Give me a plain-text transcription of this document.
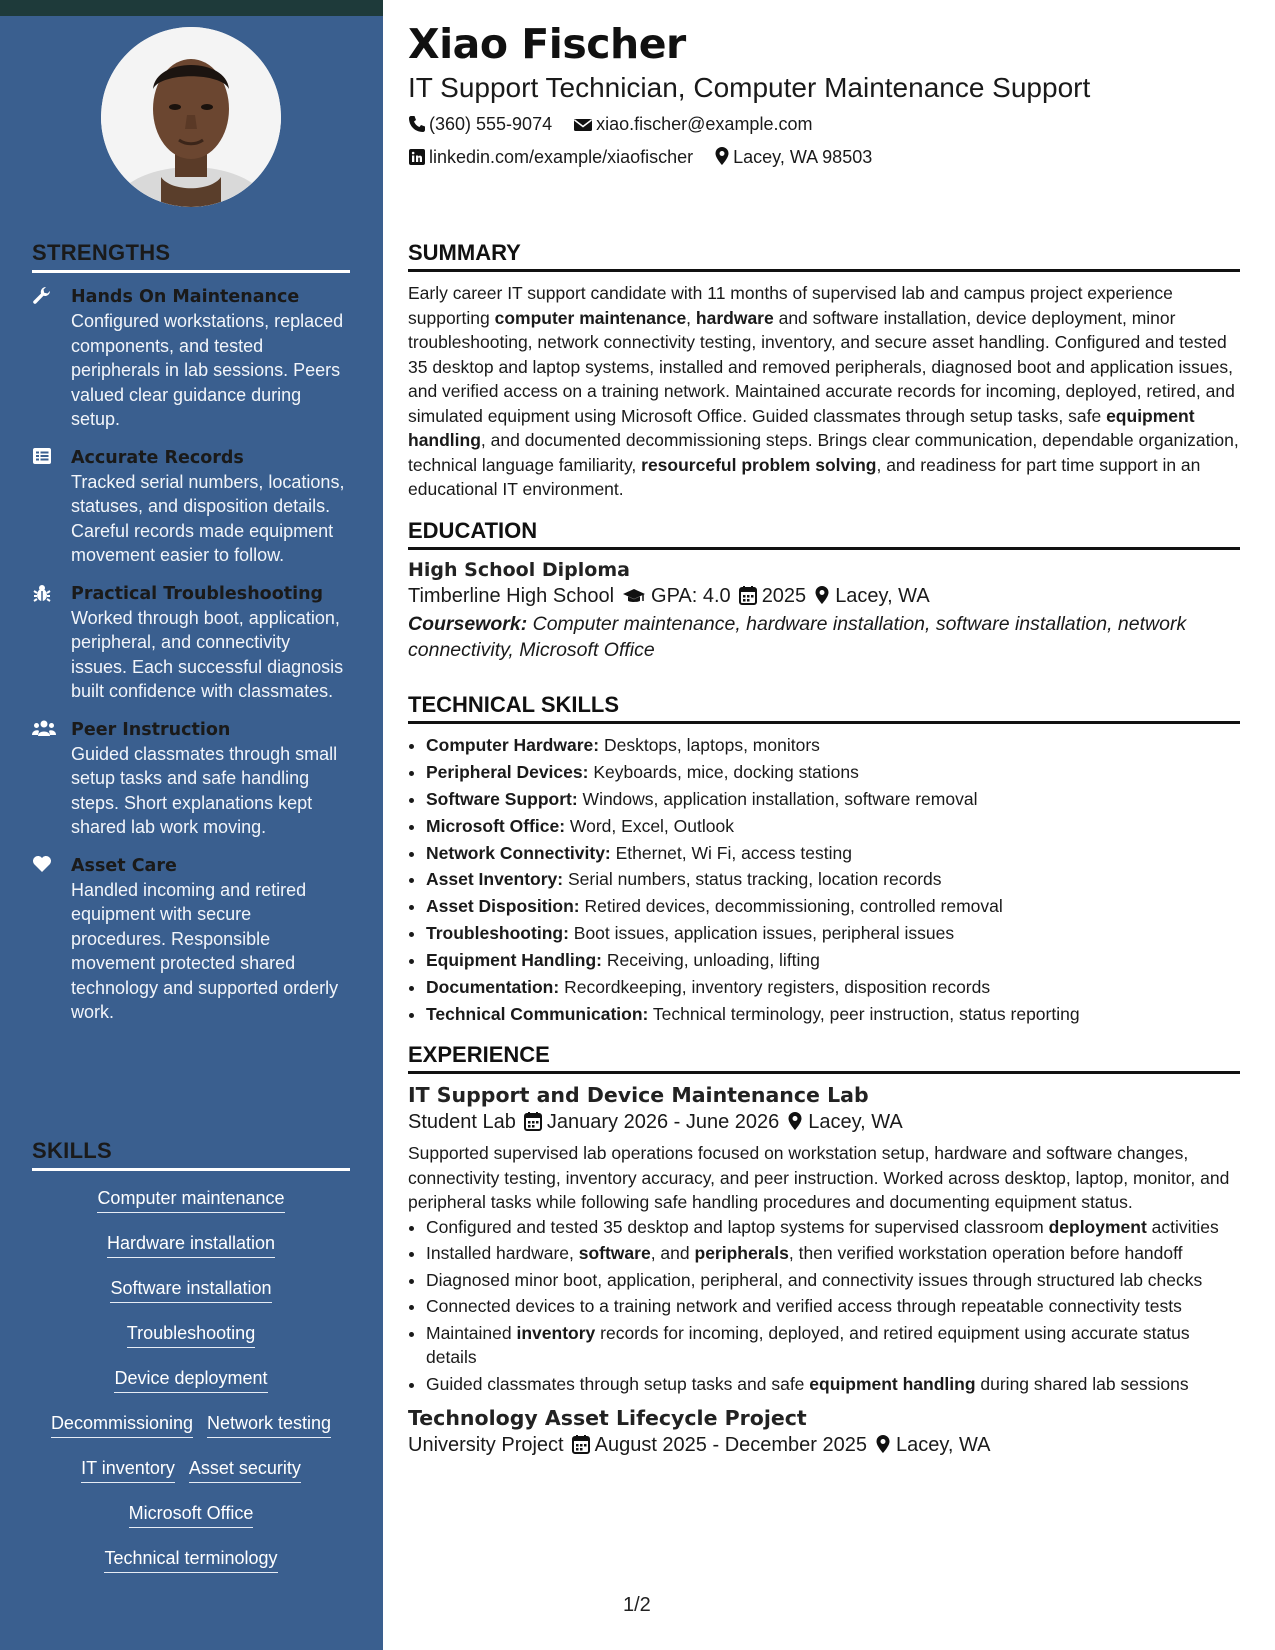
STRENGTHS
Hands On Maintenance
Configured workstations, replaced components, and tested peripherals in lab sessions. Peers valued clear guidance during setup.
Accurate Records
Tracked serial numbers, locations, statuses, and disposition details. Careful records made equipment movement easier to follow.
Practical Troubleshooting
Worked through boot, application, peripheral, and connectivity issues. Each successful diagnosis built confidence with classmates.
Peer Instruction
Guided classmates through small setup tasks and safe handling steps. Short explanations kept shared lab work moving.
Asset Care
Handled incoming and retired equipment with secure procedures. Responsible movement protected shared technology and supported orderly work.
SKILLS
Computer maintenance
Hardware installation
Software installation
Troubleshooting
Device deployment
Decommissioning Network testing
IT inventory Asset security
Microsoft Office
Technical terminology
Xiao Fischer
IT Support Technician, Computer Maintenance Support
(360) 555-9074 xiao.fischer@example.com
linkedin.com/example/xiaofischer Lacey, WA 98503
SUMMARY
Early career IT support candidate with 11 months of supervised lab and campus project experience supporting computer maintenance, hardware and software installation, device deployment, minor troubleshooting, network connectivity testing, inventory, and secure asset handling. Configured and tested 35 desktop and laptop systems, installed and removed peripherals, diagnosed boot and application issues, and verified access on a training network. Maintained accurate records for incoming, deployed, retired, and simulated equipment using Microsoft Office. Guided classmates through setup tasks, safe equipment handling, and documented decommissioning steps. Brings clear communication, dependable organization, technical language familiarity, resourceful problem solving, and readiness for part time support in an educational IT environment.
EDUCATION
High School Diploma
Timberline High School GPA: 4.0 2025 Lacey, WA
Coursework: Computer maintenance, hardware installation, software installation, network connectivity, Microsoft Office
TECHNICAL SKILLS
• Computer Hardware: Desktops, laptops, monitors
• Peripheral Devices: Keyboards, mice, docking stations
• Software Support: Windows, application installation, software removal
• Microsoft Office: Word, Excel, Outlook
• Network Connectivity: Ethernet, Wi Fi, access testing
• Asset Inventory: Serial numbers, status tracking, location records
• Asset Disposition: Retired devices, decommissioning, controlled removal
• Troubleshooting: Boot issues, application issues, peripheral issues
• Equipment Handling: Receiving, unloading, lifting
• Documentation: Recordkeeping, inventory registers, disposition records
• Technical Communication: Technical terminology, peer instruction, status reporting
EXPERIENCE
IT Support and Device Maintenance Lab
Student Lab January 2026 - June 2026 Lacey, WA
Supported supervised lab operations focused on workstation setup, hardware and software changes, connectivity testing, inventory accuracy, and peer instruction. Worked across desktop, laptop, monitor, and peripheral tasks while following safe handling procedures and documenting equipment status.
• Configured and tested 35 desktop and laptop systems for supervised classroom deployment activities
• Installed hardware, software, and peripherals, then verified workstation operation before handoff
• Diagnosed minor boot, application, peripheral, and connectivity issues through structured lab checks
• Connected devices to a training network and verified access through repeatable connectivity tests
• Maintained inventory records for incoming, deployed, and retired equipment using accurate status details
• Guided classmates through setup tasks and safe equipment handling during shared lab sessions
Technology Asset Lifecycle Project
University Project August 2025 - December 2025 Lacey, WA
1/2
